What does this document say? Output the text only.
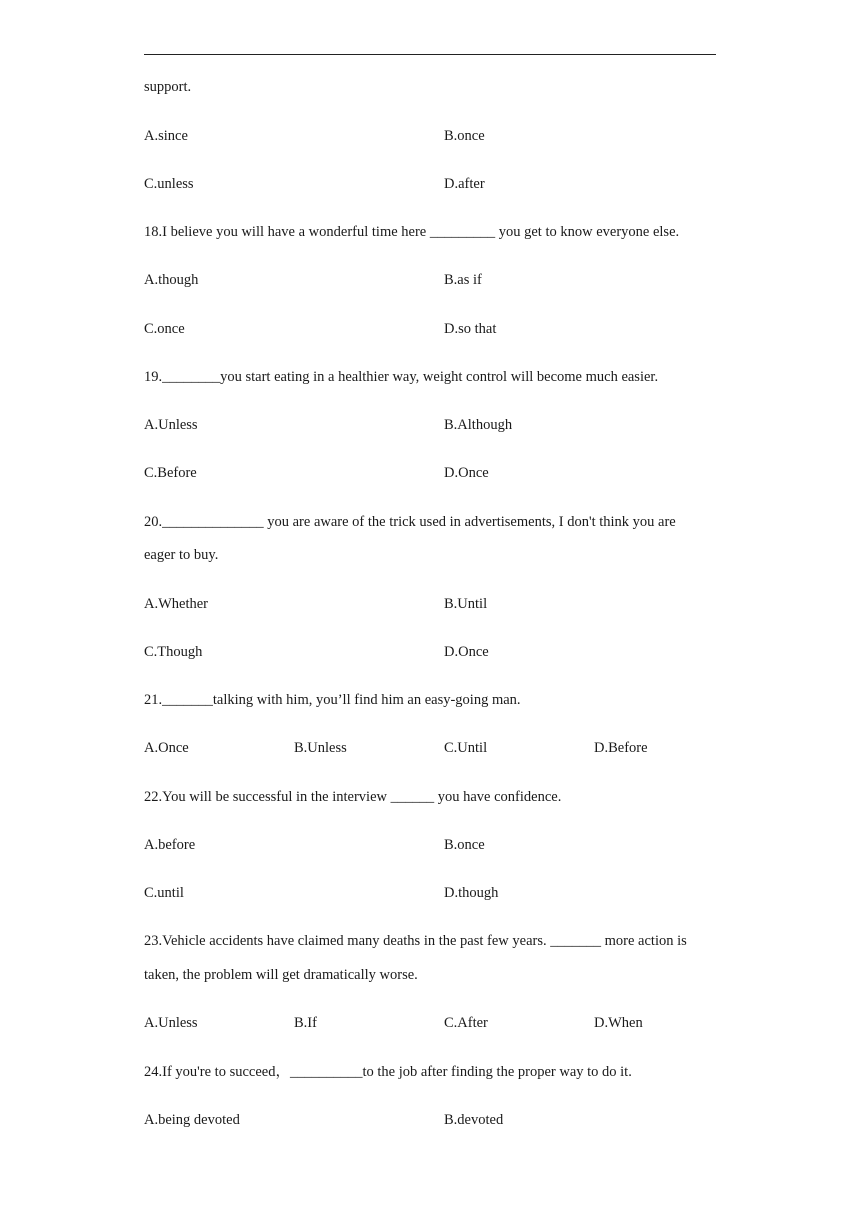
support.
A.since	B.once
C.unless	D.after
18.I believe you will have a wonderful time here _________ you get to know everyone else.
A.though	B.as if
C.once	D.so that
19.________you start eating in a healthier way, weight control will become much easier.
A.Unless	B.Although
C.Before	D.Once
20.______________ you are aware of the trick used in advertisements, I don't think you are
eager to buy.
A.Whether	B.Until
C.Though	D.Once
21._______talking with him, you’ll find him an easy-going man.
A.Once	B.Unless	C.Until	D.Before
22.You will be successful in the interview ______ you have confidence.
A.before	B.once
C.until	D.though
23.Vehicle accidents have claimed many deaths in the past few years. _______ more action is
taken, the problem will get dramatically worse.
A.Unless	B.If	C.After	D.When
24.If you're to succeed，__________to the job after finding the proper way to do it.
A.being devoted	B.devoted
